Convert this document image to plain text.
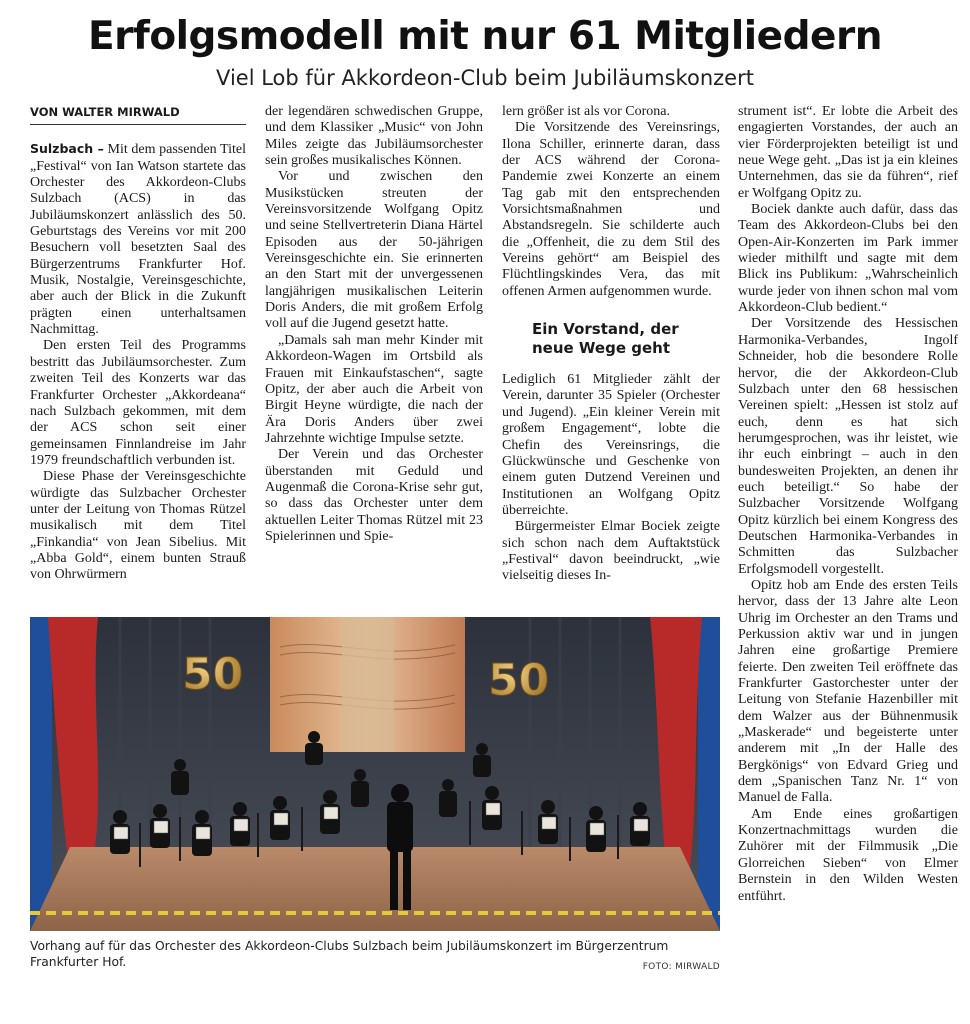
Erfolgsmodell mit nur 61 Mitgliedern
Viel Lob für Akkordeon-Club beim Jubiläumskonzert
VON WALTER MIRWALD

Sulzbach – Mit dem passenden Titel „Festival“ von Ian Watson startete das Orchester des Akkordeon-Clubs Sulzbach (ACS) in das Jubiläumskonzert anlässlich des 50. Geburtstags des Vereins vor mit 200 Besuchern voll besetzten Saal des Bürgerzentrums Frankfurter Hof. Musik, Nostalgie, Vereinsgeschichte, aber auch der Blick in die Zukunft prägten einen unterhaltsamen Nachmittag.

Den ersten Teil des Programms bestritt das Jubiläumsorchester. Zum zweiten Teil des Konzerts war das Frankfurter Orchester „Akkordeana“ nach Sulzbach gekommen, mit dem der ACS schon seit einer gemeinsamen Finnlandreise im Jahr 1979 freundschaftlich verbunden ist.

Diese Phase der Vereinsgeschichte würdigte das Sulzbacher Orchester unter der Leitung von Thomas Rützel musikalisch mit dem Titel „Finkandia“ von Jean Sibelius. Mit „Abba Gold“, einem bunten Strauß von Ohrwürmern

der legendären schwedischen Gruppe, und dem Klassiker „Music“ von John Miles zeigte das Jubiläumsorchester sein großes musikalisches Können.

Vor und zwischen den Musikstücken streuten der Vereinsvorsitzende Wolfgang Opitz und seine Stellvertreterin Diana Härtel Episoden aus der 50-jährigen Vereinsgeschichte ein. Sie erinnerten an den Start mit der unvergessenen langjährigen musikalischen Leiterin Doris Anders, die mit großem Erfolg voll auf die Jugend gesetzt hatte.

„Damals sah man mehr Kinder mit Akkordeon-Wagen im Ortsbild als Frauen mit Einkaufstaschen“, sagte Opitz, der aber auch die Arbeit von Birgit Heyne würdigte, die nach der Ära Doris Anders über zwei Jahrzehnte wichtige Impulse setzte.

Der Verein und das Orchester überstanden mit Geduld und Augenmaß die Corona-Krise sehr gut, so dass das Orchester unter dem aktuellen Leiter Thomas Rützel mit 23 Spielerinnen und Spie-

lern größer ist als vor Corona.

Die Vorsitzende des Vereinsrings, Ilona Schiller, erinnerte daran, dass der ACS während der Corona-Pandemie zwei Konzerte an einem Tag gab mit den entsprechenden Vorsichtsmaßnahmen und Abstandsregeln. Sie schilderte auch die „Offenheit, die zu dem Stil des Vereins gehört“ am Beispiel des Flüchtlingskindes Vera, das mit offenen Armen aufgenommen wurde.

Ein Vorstand, der neue Wege geht

Lediglich 61 Mitglieder zählt der Verein, darunter 35 Spieler (Orchester und Jugend). „Ein kleiner Verein mit großem Engagement“, lobte die Chefin des Vereinsrings, die Glückwünsche und Geschenke von einem guten Dutzend Vereinen und Institutionen an Wolfgang Opitz überreichte.

Bürgermeister Elmar Bociek zeigte sich schon nach dem Auftaktstück „Festival“ davon beeindruckt, „wie vielseitig dieses In-

strument ist“. Er lobte die Arbeit des engagierten Vorstandes, der auch an vier Förderprojekten beteiligt ist und neue Wege geht. „Das ist ja ein kleines Unternehmen, das sie da führen“, rief er Wolfgang Opitz zu.

Bociek dankte auch dafür, dass das Team des Akkordeon-Clubs bei den Open-Air-Konzerten im Park immer wieder mithilft und sagte mit dem Blick ins Publikum: „Wahrscheinlich wurde jeder von ihnen schon mal vom Akkordeon-Club bedient.“

Der Vorsitzende des Hessischen Harmonika-Verbandes, Ingolf Schneider, hob die besondere Rolle hervor, die der Akkordeon-Club Sulzbach unter den 68 hessischen Vereinen spielt: „Hessen ist stolz auf euch, denn es hat sich herumgesprochen, was ihr leistet, wie ihr euch einbringt – auch in den bundesweiten Projekten, an denen ihr euch beteiligt.“ So habe der Sulzbacher Vorsitzende Wolfgang Opitz kürzlich bei einem Kongress des Deutschen Harmonika-Verbandes in Schmitten das Sulzbacher Erfolgsmodell vorgestellt.

Opitz hob am Ende des ersten Teils hervor, dass der 13 Jahre alte Leon Uhrig im Orchester an den Trams und Perkussion aktiv war und in jungen Jahren eine großartige Premiere feierte. Den zweiten Teil eröffnete das Frankfurter Gastorchester unter der Leitung von Stefanie Hazenbiller mit dem Walzer aus der Bühnenmusik „Maskerade“ und begeisterte unter anderem mit „In der Halle des Bergkönigs“ von Edvard Grieg und dem „Spanischen Tanz Nr. 1“ von Manuel de Falla.

Am Ende eines großartigen Konzertnachmittags wurden die Zuhörer mit der Filmmusik „Die Glorreichen Sieben“ von Elmer Bernstein in den Wilden Westen entführt.

50	50
Vorhang auf für das Orchester des Akkordeon-Clubs Sulzbach beim Jubiläumskonzert im Bürgerzentrum Frankfurter Hof.	FOTO: MIRWALD
